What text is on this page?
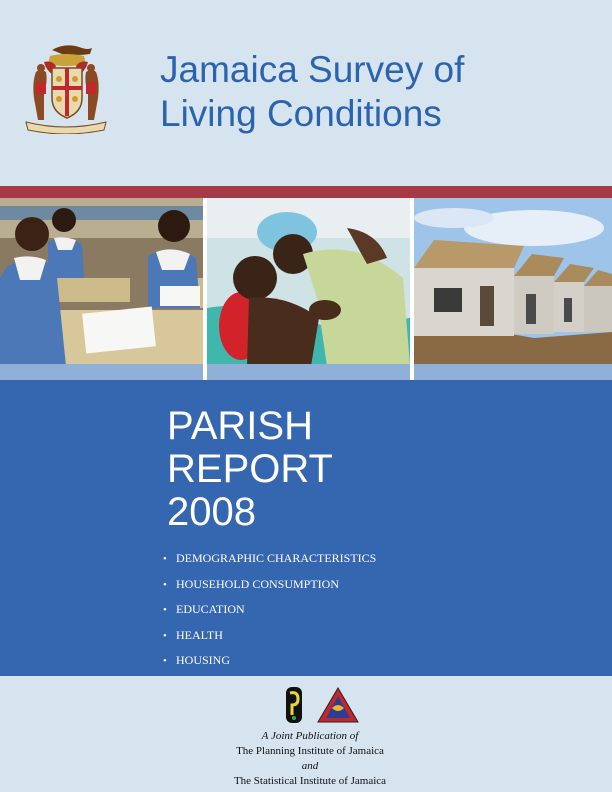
Jamaica Survey of
Living Conditions
PARISH
REPORT
2008
• DEMOGRAPHIC CHARACTERISTICS
• HOUSEHOLD CONSUMPTION
• EDUCATION
• HEALTH
• HOUSING
A Joint Publication of
The Planning Institute of Jamaica
and
The Statistical Institute of Jamaica
